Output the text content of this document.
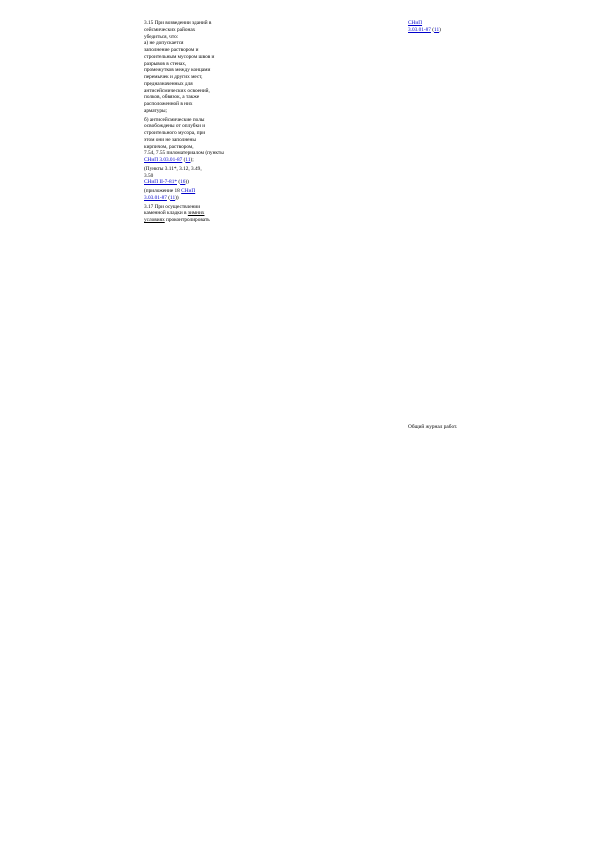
3.15 При возведении зданий в
сейсмических районах
убедиться, что:
а) не допускается
заполнение раствором и
строительным мусором швов и
разрывов в стенах,
промежутков между концами
перемычек и других мест,
предназначенных для
антисейсмических освоений,
полков, обвязок, а также
расположенной в них
арматуры;
б) антисейсмические полы
освобождены от оплубки и
строительного мусора, при
этом они не заполнены
кирпичом, раствором,
7.54, 7.55 пиломатериалом (пункты
СНиП 3.03.01-87 (11);
(Пункты 3.11*, 3.12, 3.49,
3.50
СНиП II-7-81* (16))
(приложение 18 СНиП
3.03.01-87 (11))
3.17 При осуществлении
каменной кладки в зимних
условиях проконтролировать
СНиП
3.03.01-87 (11)
Общий журнал работ.
